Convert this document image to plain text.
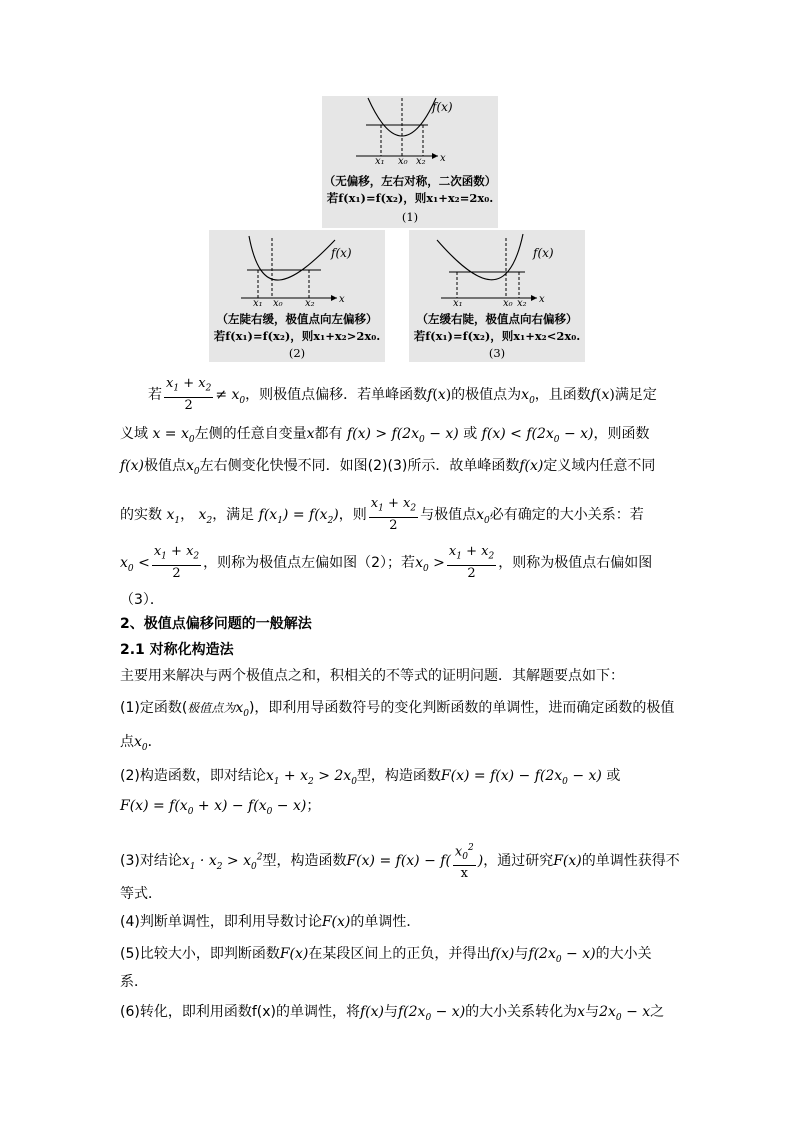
f(x)
x₁ x₀ x₂ x
（无偏移，左右对称，二次函数）
若f(x₁)=f(x₂)，则x₁+x₂=2x₀.
(1)
f(x)
x₁ x₀ x₂ x
（左陡右缓，极值点向左偏移）
若f(x₁)=f(x₂)，则x₁+x₂>2x₀.
(2)
f(x)
x₁	x₀ x₂ x
（左缓右陡，极值点向右偏移）
若f(x₁)=f(x₂)，则x₁+x₂<2x₀.
(3)
若 $\frac{x_1 + x_2}{2} \ne x_0$，则极值点偏移．若单峰函数f(x)的极值点为$x_0$，且函数f(x)满足定
义域 $x = x_0$左侧的任意自变量x都有 $f(x) > f(2x_0 - x)$ 或 $f(x) < f(2x_0 - x)$，则函数
f(x)极值点$x_0$左右侧变化快慢不同．如图(2)(3)所示．故单峰函数f(x)定义域内任意不同
的实数 $x_1$， $x_2$，满足 $f(x_1) = f(x_2)$，则 $\frac{x_1 + x_2}{2}$ 与极值点$x_0$必有确定的大小关系：若
$x_0 < \frac{x_1 + x_2}{2}$ ，则称为极值点左偏如图（2）；若$x_0 > \frac{x_1 + x_2}{2}$ ，则称为极值点右偏如图
（3）．
2、极值点偏移问题的一般解法
2.1 对称化构造法
主要用来解决与两个极值点之和，积相关的不等式的证明问题．其解题要点如下：
(1)定函数(极值点为$x_0$)，即利用导函数符号的变化判断函数的单调性，进而确定函数的极值
点$x_0$．
(2)构造函数，即对结论$x_1 + x_2 > 2x_0$型，构造函数$F(x) = f(x) - f(2x_0 - x)$ 或
$F(x) = f(x_0 + x) - f(x_0 - x)$；
(3)对结论$x_1 \cdot x_2 > x_0^2$型，构造函数$F(x) = f(x) - f( \frac{x_0^2}{x}$ )，通过研究F(x)的单调性获得不
等式．
(4)判断单调性，即利用导数讨论F(x)的单调性．
(5)比较大小，即判断函数F(x)在某段区间上的正负，并得出f(x)与$f(2x_0 - x)$的大小关
系．
(6)转化，即利用函数f(x)的单调性，将f(x)与$f(2x_0 - x)$的大小关系转化为x与$2x_0 - x$之
